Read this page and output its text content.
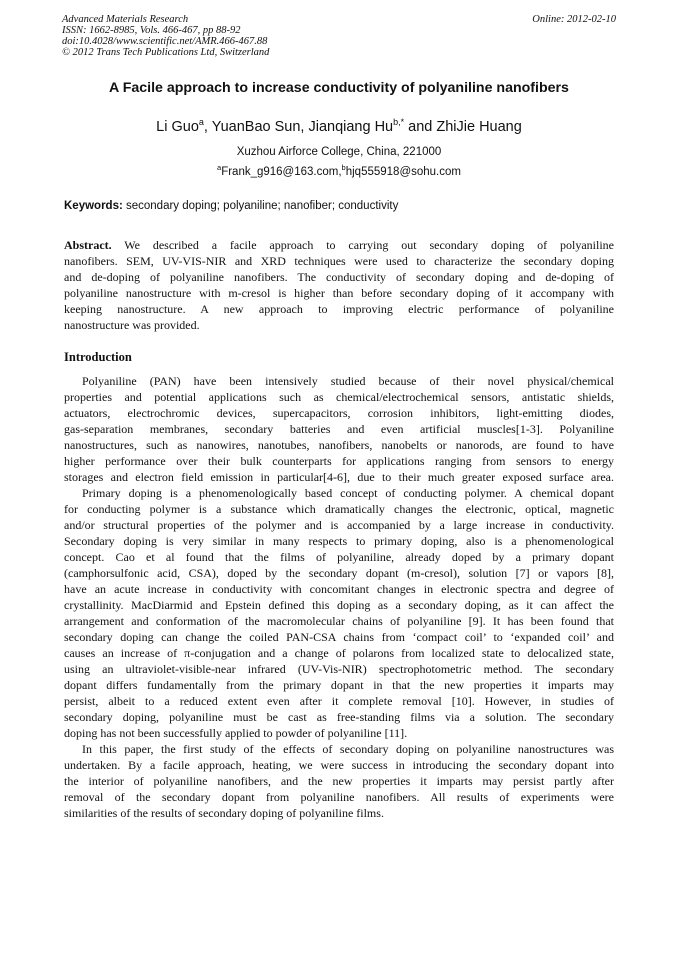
Advanced Materials Research
ISSN: 1662-8985, Vols. 466-467, pp 88-92
doi:10.4028/www.scientific.net/AMR.466-467.88
© 2012 Trans Tech Publications Ltd, Switzerland
Online: 2012-02-10
A Facile approach to increase conductivity of polyaniline nanofibers
Li Guo$^a$, YuanBao Sun, Jianqiang $Hu^{b,*}$ and ZhiJie Huang
Xuzhou Airforce College, China, 221000
$^a$Frank_g916@163.com,$^b$hjq555918@sohu.com
Keywords: secondary doping; polyaniline; nanofiber; conductivity
Abstract. We described a facile approach to carrying out secondary doping of polyaniline
nanofibers. SEM, UV-VIS-NIR and XRD techniques were used to characterize the secondary doping
and de-doping of polyaniline nanofibers. The conductivity of secondary doping and de-doping of
polyaniline nanostructure with m-cresol is higher than before secondary doping of it accompany with
keeping nanostructure. A new approach to improving electric performance of polyaniline
nanostructure was provided.
Introduction
Polyaniline (PAN) have been intensively studied because of their novel physical/chemical
properties and potential applications such as chemical/electrochemical sensors, antistatic shields,
actuators, electrochromic devices, supercapacitors, corrosion inhibitors, light-emitting diodes,
gas-separation membranes, secondary batteries and even artificial muscles[1-3]. Polyaniline
nanostructures, such as nanowires, nanotubes, nanofibers, nanobelts or nanorods, are found to have
higher performance over their bulk counterparts for applications ranging from sensors to energy
storages and electron field emission in particular[4-6], due to their much greater exposed surface area.
Primary doping is a phenomenologically based concept of conducting polymer. A chemical dopant
for conducting polymer is a substance which dramatically changes the electronic, optical, magnetic
and/or structural properties of the polymer and is accompanied by a large increase in conductivity.
Secondary doping is very similar in many respects to primary doping, also is a phenomenological
concept. Cao et al found that the films of polyaniline, already doped by a primary dopant
(camphorsulfonic acid, CSA), doped by the secondary dopant (m-cresol), solution [7] or vapors [8],
have an acute increase in conductivity with concomitant changes in electronic spectra and degree of
crystallinity. MacDiarmid and Epstein defined this doping as a secondary doping, as it can affect the
arrangement and conformation of the macromolecular chains of polyaniline [9]. It has been found that
secondary doping can change the coiled PAN-CSA chains from ‘compact coil’ to ‘expanded coil’ and
causes an increase of π-conjugation and a change of polarons from localized state to delocalized state,
using an ultraviolet-visible-near infrared (UV-Vis-NIR) spectrophotometric method. The secondary
dopant differs fundamentally from the primary dopant in that the new properties it imparts may
persist, albeit to a reduced extent even after it complete removal [10]. However, in studies of
secondary doping, polyaniline must be cast as free-standing films via a solution. The secondary
doping has not been successfully applied to powder of polyaniline [11].
In this paper, the first study of the effects of secondary doping on polyaniline nanostructures was
undertaken. By a facile approach, heating, we were success in introducing the secondary dopant into
the interior of polyaniline nanofibers, and the new properties it imparts may persist partly after
removal of the secondary dopant from polyaniline nanofibers. All results of experiments were
similarities of the results of secondary doping of polyaniline films.
